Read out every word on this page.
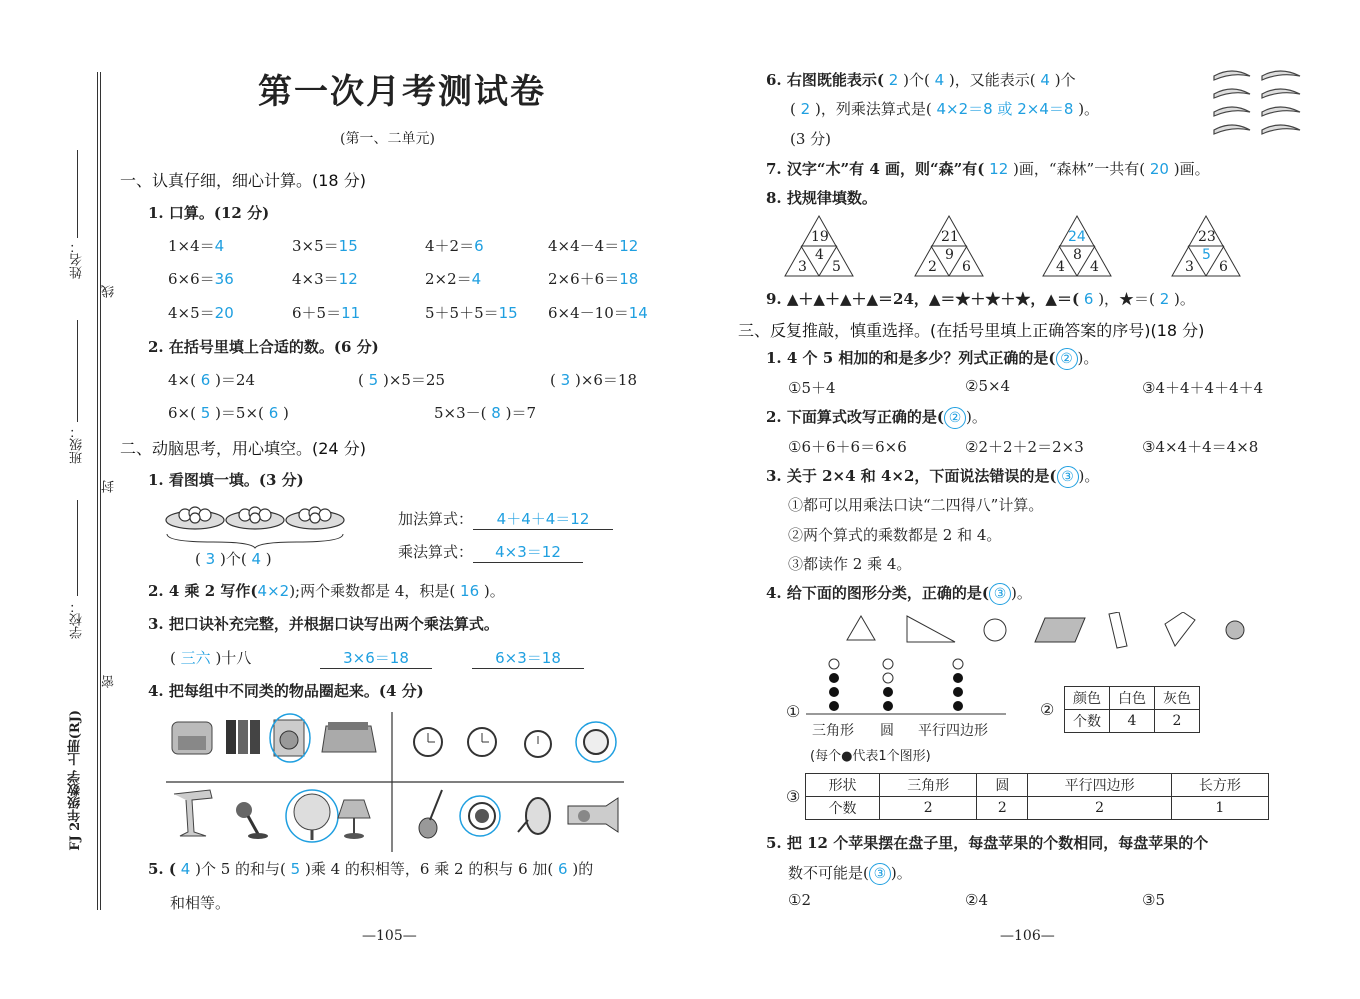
姓名：
线
班级：
封
学校：
密
FJ 2年级数学 上册(RJ)
第一次月考测试卷
(第一、二单元)
一、认真仔细，细心计算。(18 分)
1. 口算。(12 分)
1×4＝4	3×5＝15	4＋2＝6	4×4－4＝12
6×6＝36	4×3＝12	2×2＝4	2×6＋6＝18
4×5＝20	6＋5＝11	5＋5＋5＝15 6×4－10＝14
2. 在括号里填上合适的数。(6 分)
4×( 6 )＝24	( 5 )×5＝25	( 3 )×6＝18
6×( 5 )＝5×( 6 )	5×3－( 8 )＝7
二、动脑思考，用心填空。(24 分)
1. 看图填一填。(3 分)
( 3 )个( 4 )
加法算式： 4＋4＋4＝12
乘法算式： 4×3＝12
2. 4 乘 2 写作(4×2);两个乘数都是 4，积是( 16 )。
3. 把口诀补充完整，并根据口诀写出两个乘法算式。
( 三六 )十八	3×6＝18	6×3＝18
4. 把每组中不同类的物品圈起来。(4 分)
5. ( 4 )个 5 的和与( 5 )乘 4 的积相等，6 乘 2 的积与 6 加( 6 )的
和相等。
—105—
6. 右图既能表示( 2 )个( 4 )，又能表示( 4 )个
( 2 )，列乘法算式是( 4×2＝8 或 2×4＝8 )。
(3 分)
7. 汉字“木”有 4 画，则“森”有( 12 )画，“森林”一共有( 20 )画。
8. 找规律填数。
19
4
3 5
21
9
2 6
24
8
4 4
23
5
3 6
9. ▲＋▲＋▲＋▲＝24，▲＝★＋★＋★，▲＝( 6 )，★＝( 2 )。
三、反复推敲，慎重选择。(在括号里填上正确答案的序号)(18 分)
1. 4 个 5 相加的和是多少？列式正确的是( ② )。
①5＋4	②5×4	③4＋4＋4＋4＋4
2. 下面算式改写正确的是( ② )。
①6＋6＋6＝6×6	②2＋2＋2＝2×3	③4×4＋4＝4×8
3. 关于 2×4 和 4×2，下面说法错误的是( ③ )。
①都可以用乘法口诀“二四得八”计算。
②两个算式的乘数都是 2 和 4。
③都读作 2 乘 4。
4. 给下面的图形分类，正确的是( ③ )。
①
三角形 圆 平行四边形
(每个●代表1个图形)
②
颜色	白色	灰色
个数	4	2
③
形状	三角形	圆	平行四边形	长方形
个数	2	2	2	1
5. 把 12 个苹果摆在盘子里，每盘苹果的个数相同，每盘苹果的个
数不可能是( ③ )。
①2	②4	③5
—106—
